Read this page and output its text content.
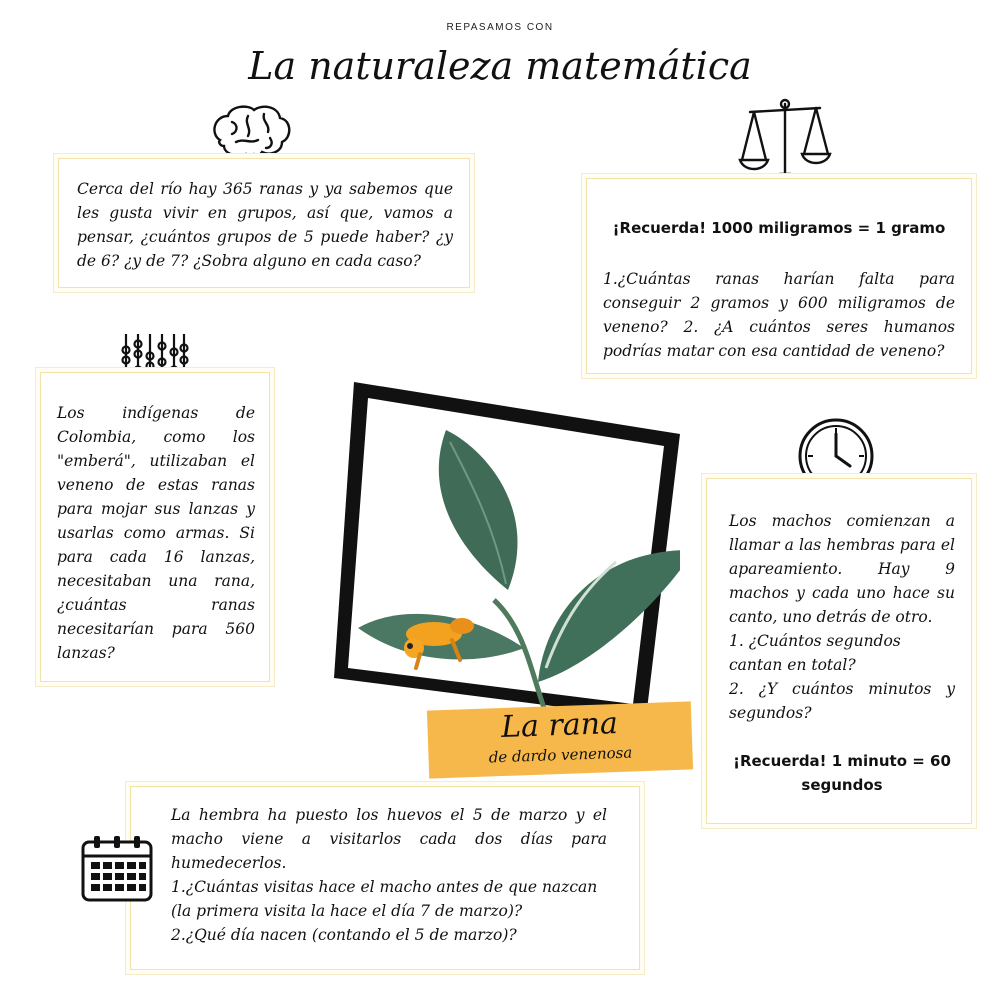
REPASAMOS CON
La naturaleza matemática

Cerca del río hay 365 ranas y ya sabemos que les gusta vivir en grupos, así que, vamos a pensar, ¿cuántos grupos de 5 puede haber? ¿y de 6? ¿y de 7? ¿Sobra alguno en cada caso?

¡Recuerda! 1000 miligramos = 1 gramo

1.¿Cuántas ranas harían falta para conseguir 2 gramos y 600 miligramos de veneno? 2. ¿A cuántos seres humanos podrías matar con esa cantidad de veneno?

Los indígenas de Colombia, como los "emberá", utilizaban el veneno de estas ranas para mojar sus lanzas y usarlas como armas. Si para cada 16 lanzas, necesitaban una rana, ¿cuántas ranas necesitarían para 560 lanzas?

Los machos comienzan a llamar a las hembras para el apareamiento. Hay 9 machos y cada uno hace su canto, uno detrás de otro.

1. ¿Cuántos segundos cantan en total?

2. ¿Y cuántos minutos y segundos?

¡Recuerda! 1 minuto = 60 segundos
La rana
de dardo venenosa

La hembra ha puesto los huevos el 5 de marzo y el macho viene a visitarlos cada dos días para humedecerlos.

1.¿Cuántas visitas hace el macho antes de que nazcan (la primera visita la hace el día 7 de marzo)?

2.¿Qué día nacen (contando el 5 de marzo)?
